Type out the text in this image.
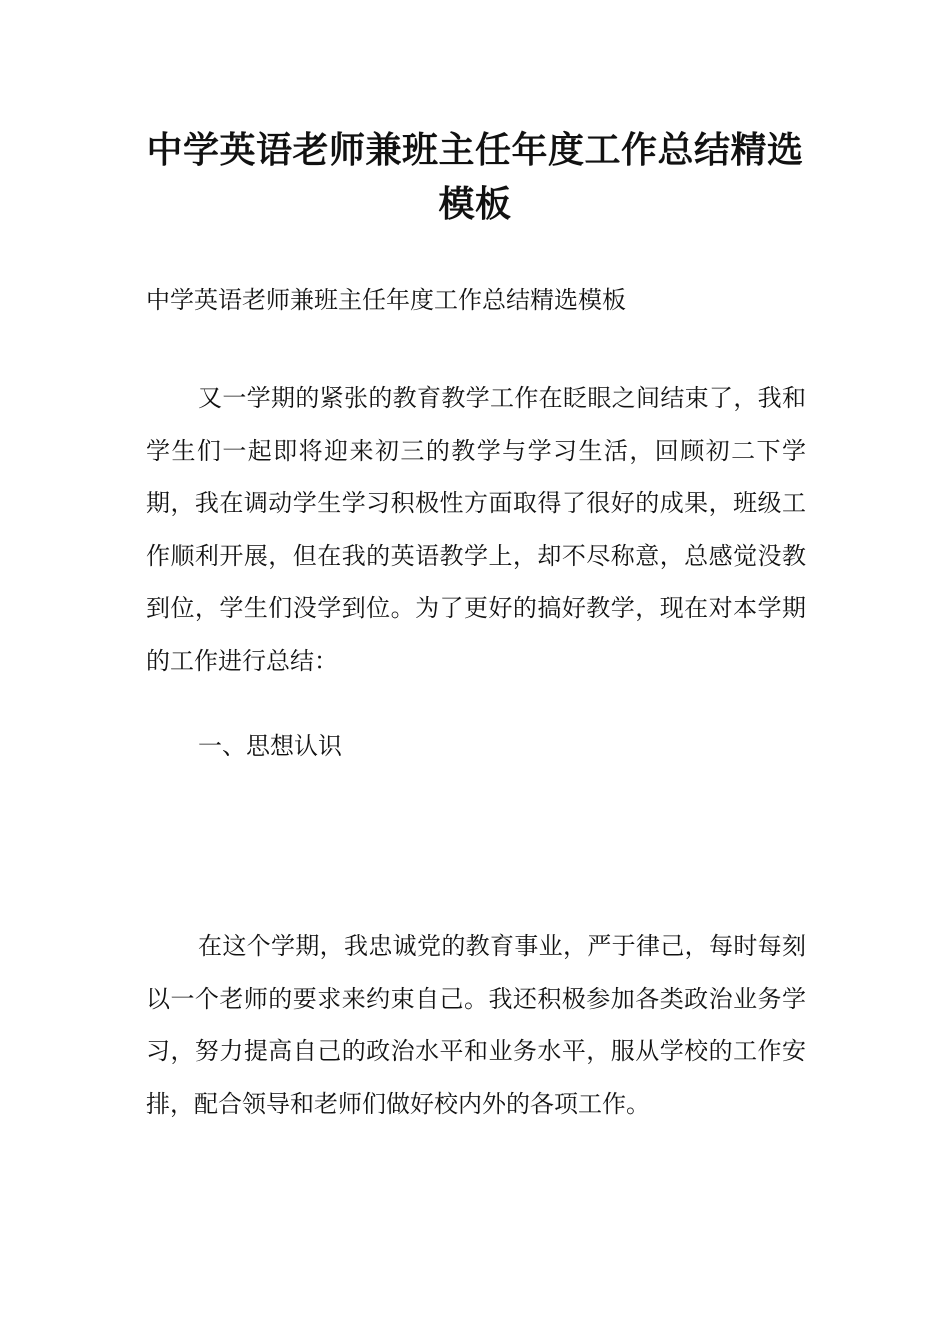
中学英语老师兼班主任年度工作总结精选模板

中学英语老师兼班主任年度工作总结精选模板

又一学期的紧张的教育教学工作在眨眼之间结束了，我和学生们一起即将迎来初三的教学与学习生活，回顾初二下学期，我在调动学生学习积极性方面取得了很好的成果，班级工作顺利开展，但在我的英语教学上，却不尽称意，总感觉没教到位，学生们没学到位。为了更好的搞好教学，现在对本学期的工作进行总结：

一、思想认识

在这个学期，我忠诚党的教育事业，严于律己，每时每刻以一个老师的要求来约束自己。我还积极参加各类政治业务学习，努力提高自己的政治水平和业务水平，服从学校的工作安排，配合领导和老师们做好校内外的各项工作。
